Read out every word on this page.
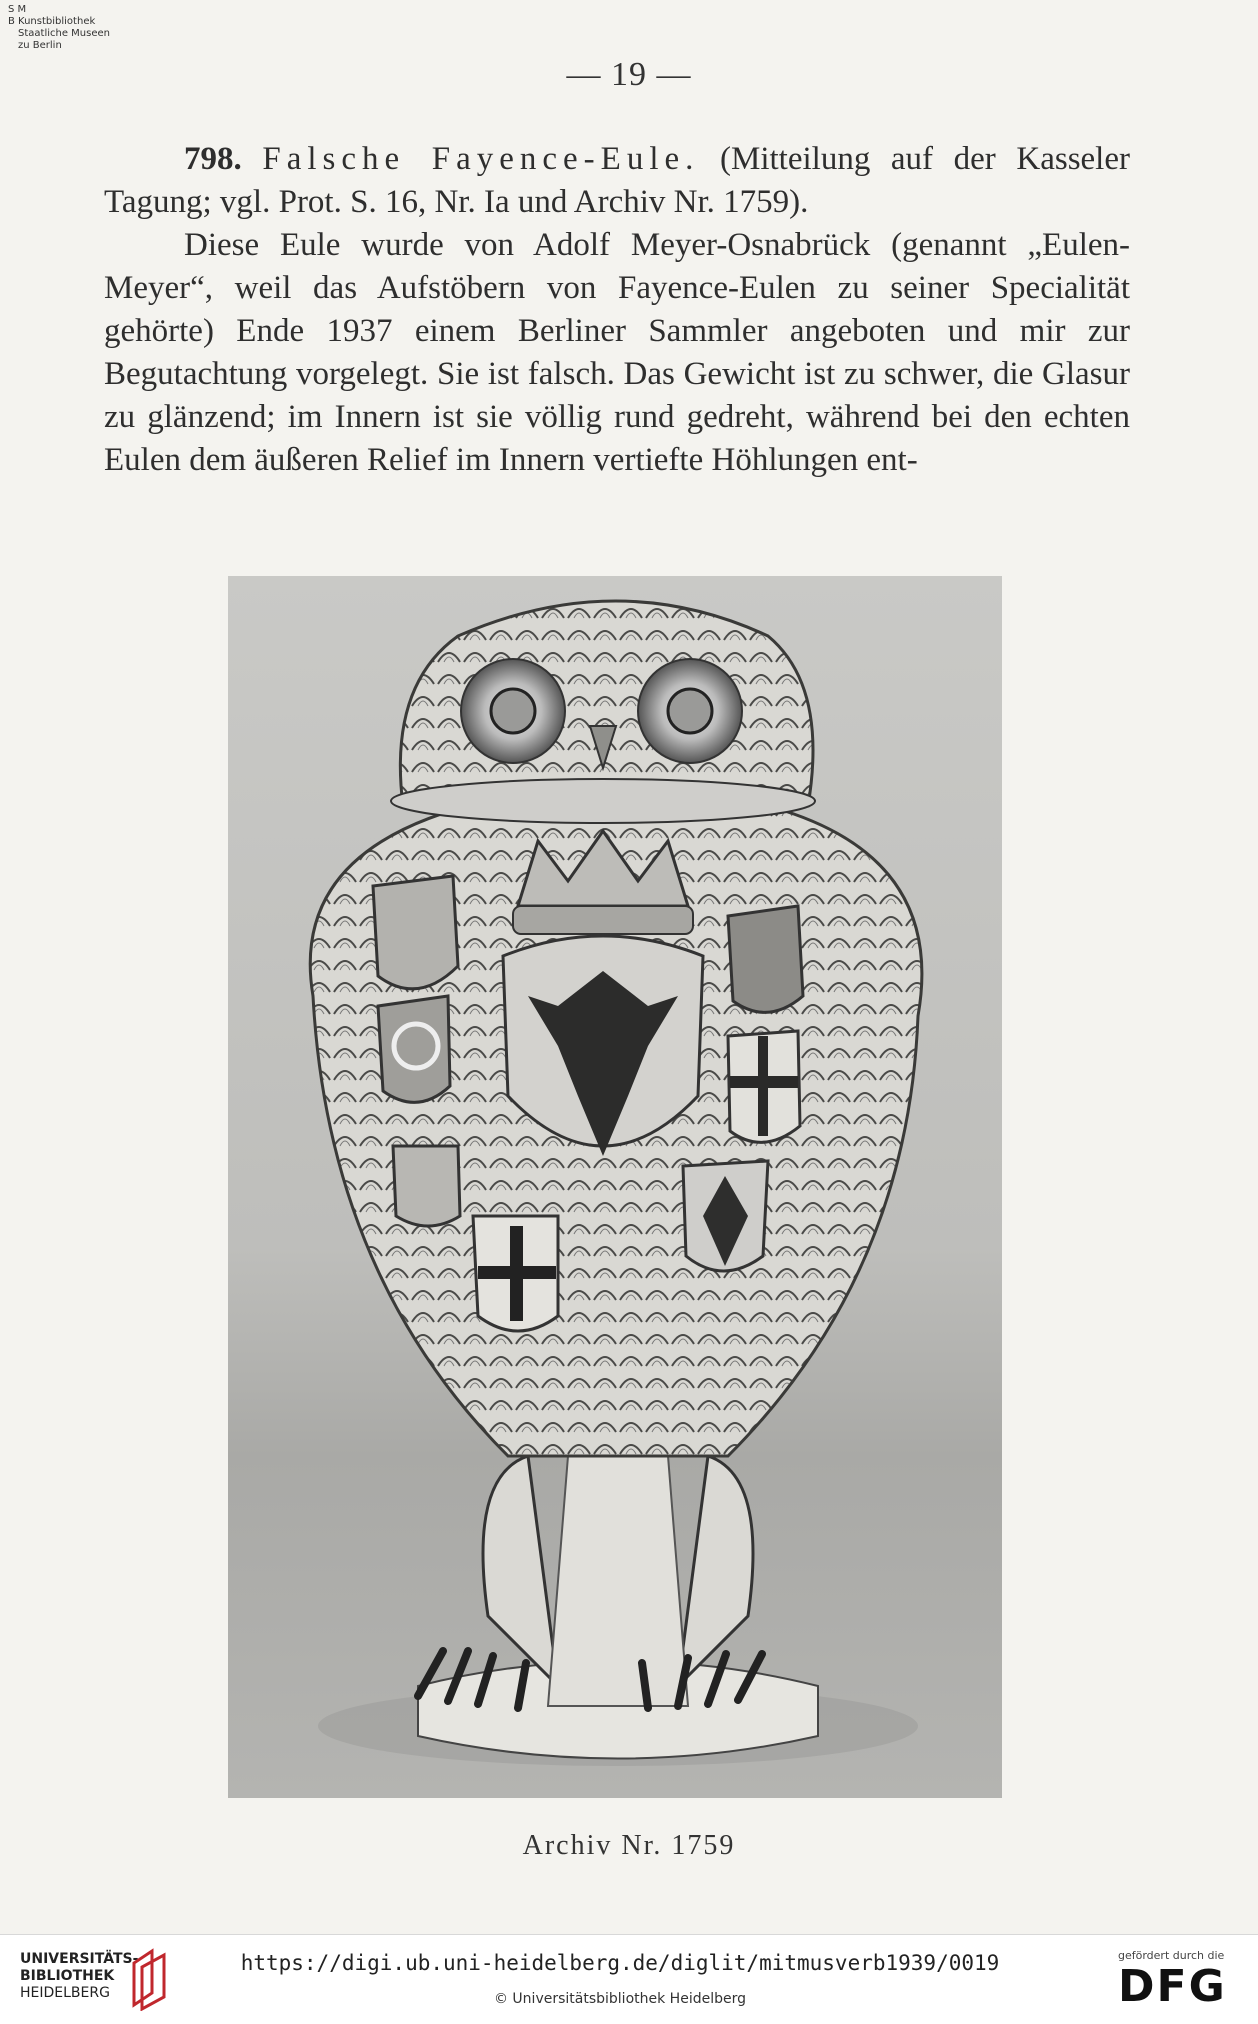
S M
B Kunstbibliothek
Staatliche Museen
zu Berlin
— 19 —

798. Falsche Fayence-Eule. (Mitteilung auf der Kasseler Tagung; vgl. Prot. S. 16, Nr. Ia und Archiv Nr. 1759).

Diese Eule wurde von Adolf Meyer-Osnabrück (genannt „Eulen-Meyer“, weil das Aufstöbern von Fayence-Eulen zu seiner Specialität gehörte) Ende 1937 einem Berliner Sammler angeboten und mir zur Begutachtung vorgelegt. Sie ist falsch. Das Gewicht ist zu schwer, die Glasur zu glänzend; im Innern ist sie völlig rund gedreht, während bei den echten Eulen dem äußeren Relief im Innern vertiefte Höhlungen ent-

Archiv Nr. 1759
UNIVERSITÄTS-
BIBLIOTHEK
HEIDELBERG
https://digi.ub.uni-heidelberg.de/diglit/mitmusverb1939/0019
© Universitätsbibliothek Heidelberg
gefördert durch die
DFG
